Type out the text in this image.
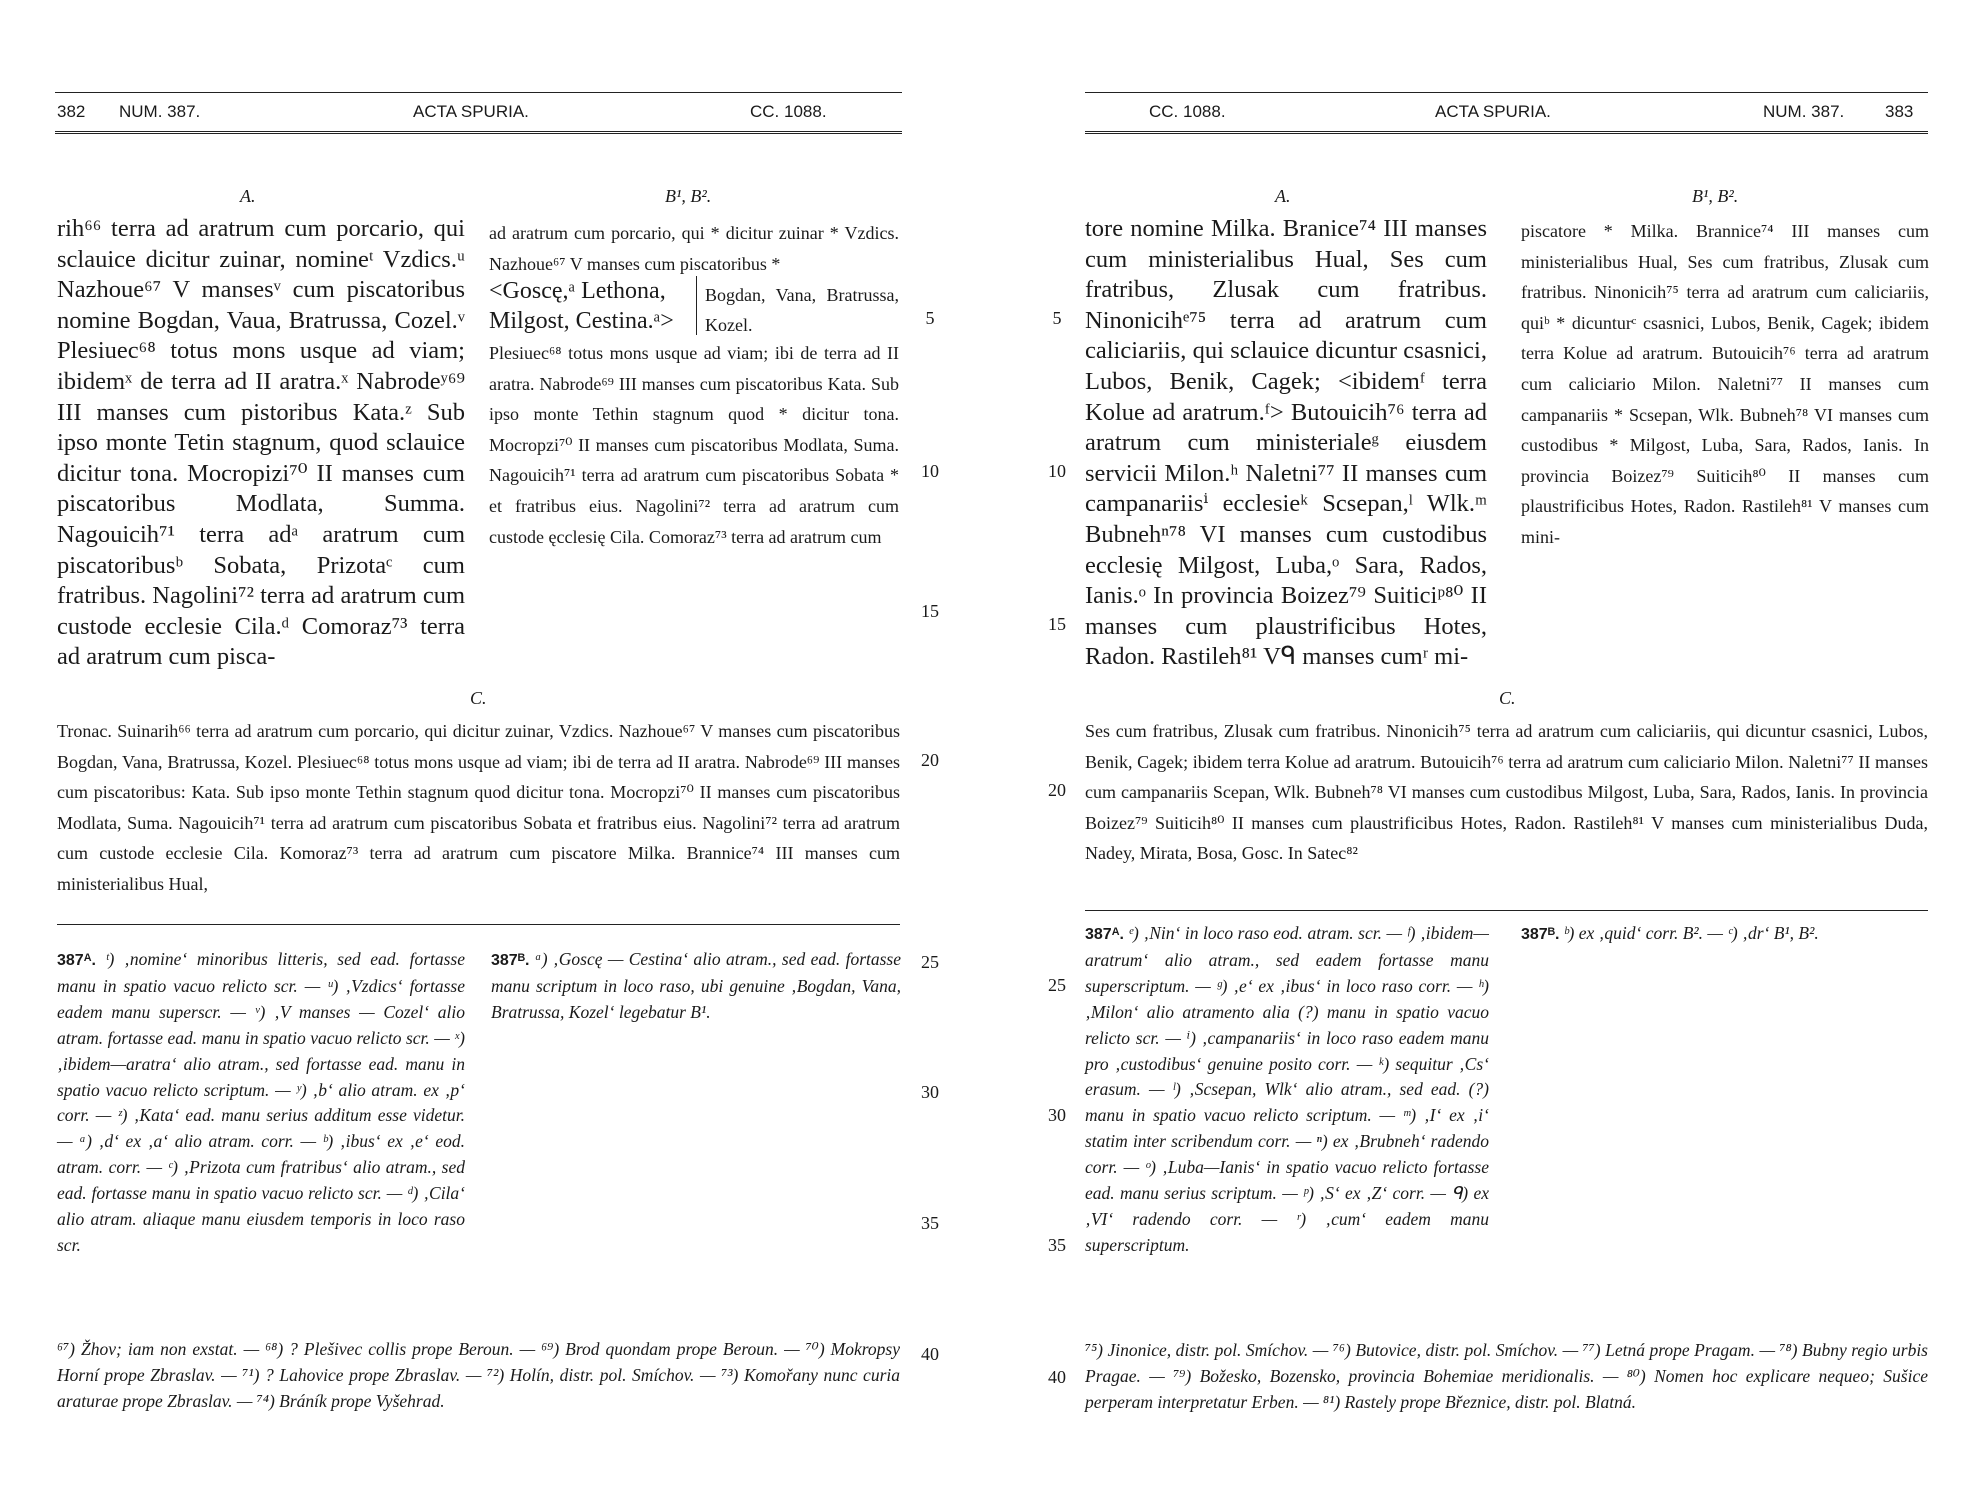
382 NUM. 387.	ACTA SPURIA.	CC. 1088.
A.
rih⁶⁶ terra ad aratrum cum porcario, qui sclauice dicitur zuinar, nomineᵗ Vzdics.ᵘ Nazhoue⁶⁷ V mansesᵛ cum piscatoribus nomine Bogdan, Vaua, Bratrussa, Cozel.ᵛ Plesiuec⁶⁸ totus mons usque ad viam; ibidemˣ de terra ad II aratra.ˣ Nabrodeʸ⁶⁹ III manses cum pistoribus Kata.ᶻ Sub ipso monte Tetin stagnum, quod sclauice dicitur tona. Mocropizi⁷⁰ II manses cum piscatoribus Modlata, Summa. Nagouicih⁷¹ terra adᵃ aratrum cum piscatoribusᵇ Sobata, Prizotaᶜ cum fratribus. Nagolini⁷² terra ad aratrum cum custode ecclesie Cila.ᵈ Comoraz⁷³ terra ad aratrum cum pisca-
B¹, B².
ad aratrum cum porcario, qui * dicitur zuinar * Vzdics. Nazhoue⁶⁷ V manses cum piscatoribus *
<Goscę,ᵃ Lethona, Milgost, Cestina.ᵃ>
Bogdan, Vana, Bratrussa, Kozel.
Plesiuec⁶⁸ totus mons usque ad viam; ibi de terra ad II aratra. Nabrode⁶⁹ III manses cum piscatoribus Kata. Sub ipso monte Tethin stagnum quod * dicitur tona. Mocropzi⁷⁰ II manses cum piscatoribus Modlata, Suma. Nagouicih⁷¹ terra ad aratrum cum piscatoribus Sobata * et fratribus eius. Nagolini⁷² terra ad aratrum cum custode ęcclesię Cila. Comoraz⁷³ terra ad aratrum cum
C.
Tronac. Suinarih⁶⁶ terra ad aratrum cum porcario, qui dicitur zuinar, Vzdics. Nazhoue⁶⁷ V manses cum piscatoribus Bogdan, Vana, Bratrussa, Kozel. Plesiuec⁶⁸ totus mons usque ad viam; ibi de terra ad II aratra. Nabrode⁶⁹ III manses cum piscatoribus: Kata. Sub ipso monte Tethin stagnum quod dicitur tona. Mocropzi⁷⁰ II manses cum piscatoribus Modlata, Suma. Nagouicih⁷¹ terra ad aratrum cum piscatoribus Sobata et fratribus eius. Nagolini⁷² terra ad aratrum cum custode ecclesie Cila. Komoraz⁷³ terra ad aratrum cum piscatore Milka. Brannice⁷⁴ III manses cum ministerialibus Hual,
387ᴬ. ᵗ) ‚nomine‘ minoribus litteris, sed ead. fortasse manu in spatio vacuo relicto scr. — ᵘ) ‚Vzdics‘ fortasse eadem manu superscr. — ᵛ) ‚V manses — Cozel‘ alio atram. fortasse ead. manu in spatio vacuo relicto scr. — ˣ) ‚ibidem—aratra‘ alio atram., sed fortasse ead. manu in spatio vacuo relicto scriptum. — ʸ) ‚b‘ alio atram. ex ‚p‘ corr. — ᶻ) ‚Kata‘ ead. manu serius additum esse videtur. — ᵃ) ‚d‘ ex ‚a‘ alio atram. corr. — ᵇ) ‚ibus‘ ex ‚e‘ eod. atram. corr. — ᶜ) ‚Prizota cum fratribus‘ alio atram., sed ead. fortasse manu in spatio vacuo relicto scr. — ᵈ) ‚Cila‘ alio atram. aliaque manu eiusdem temporis in loco raso scr.
387ᴮ. ᵃ) ‚Goscę — Cestina‘ alio atram., sed ead. fortasse manu scriptum in loco raso, ubi genuine ‚Bogdan, Vana, Bratrussa, Kozel‘ legebatur B¹.
⁶⁷) Žhov; iam non exstat. — ⁶⁸) ? Plešivec collis prope Beroun. — ⁶⁹) Brod quondam prope Beroun. — ⁷⁰) Mokropsy Horní prope Zbraslav. — ⁷¹) ? Lahovice prope Zbraslav. — ⁷²) Holín, distr. pol. Smíchov. — ⁷³) Komořany nunc curia araturae prope Zbraslav. — ⁷⁴) Bráník prope Vyšehrad.
5
10
15
20
25
30
35
40
CC. 1088.	ACTA SPURIA.	NUM. 387. 383
A.
tore nomine Milka. Branice⁷⁴ III manses cum ministerialibus Hual, Ses cum fratribus, Zlusak cum fratribus. Ninonicihᵉ⁷⁵ terra ad aratrum cum caliciariis, qui sclauice dicuntur csasnici, Lubos, Benik, Cagek; <ibidemᶠ terra Kolue ad aratrum.ᶠ> Butouicih⁷⁶ terra ad aratrum cum ministerialeᵍ eiusdem servicii Milon.ʰ Naletni⁷⁷ II manses cum campanariisⁱ ecclesieᵏ Scsepan,ˡ Wlk.ᵐ Bubnehⁿ⁷⁸ VI manses cum custodibus ecclesię Milgost, Luba,ᵒ Sara, Rados, Ianis.ᵒ In provincia Boizez⁷⁹ Suiticiᵖ⁸⁰ II manses cum plaustrificibus Hotes, Radon. Rastileh⁸¹ Vᑫ manses cumʳ mi-
B¹, B².
piscatore * Milka. Brannice⁷⁴ III manses cum ministerialibus Hual, Ses cum fratribus, Zlusak cum fratribus. Ninonicih⁷⁵ terra ad aratrum cum caliciariis, quiᵇ * dicunturᶜ csasnici, Lubos, Benik, Cagek; ibidem terra Kolue ad aratrum. Butouicih⁷⁶ terra ad aratrum cum caliciario Milon. Naletni⁷⁷ II manses cum campanariis * Scsepan, Wlk. Bubneh⁷⁸ VI manses cum custodibus * Milgost, Luba, Sara, Rados, Ianis. In provincia Boizez⁷⁹ Suiticih⁸⁰ II manses cum plaustrificibus Hotes, Radon. Rastileh⁸¹ V manses cum mini-
C.
Ses cum fratribus, Zlusak cum fratribus. Ninonicih⁷⁵ terra ad aratrum cum caliciariis, qui dicuntur csasnici, Lubos, Benik, Cagek; ibidem terra Kolue ad aratrum. Butouicih⁷⁶ terra ad aratrum cum caliciario Milon. Naletni⁷⁷ II manses cum campanariis Scepan, Wlk. Bubneh⁷⁸ VI manses cum custodibus Milgost, Luba, Sara, Rados, Ianis. In provincia Boizez⁷⁹ Suiticih⁸⁰ II manses cum plaustrificibus Hotes, Radon. Rastileh⁸¹ V manses cum ministerialibus Duda, Nadey, Mirata, Bosa, Gosc. In Satec⁸²
387ᴬ. ᵉ) ‚Nin‘ in loco raso eod. atram. scr. — ᶠ) ‚ibidem—aratrum‘ alio atram., sed eadem fortasse manu superscriptum. — ᵍ) ‚e‘ ex ‚ibus‘ in loco raso corr. — ʰ) ‚Milon‘ alio atramento alia (?) manu in spatio vacuo relicto scr. — ⁱ) ‚campanariis‘ in loco raso eadem manu pro ‚custodibus‘ genuine posito corr. — ᵏ) sequitur ‚Cs‘ erasum. — ˡ) ‚Scsepan, Wlk‘ alio atram., sed ead. (?) manu in spatio vacuo relicto scriptum. — ᵐ) ‚I‘ ex ‚i‘ statim inter scribendum corr. — ⁿ) ex ‚Brubneh‘ radendo corr. — ᵒ) ‚Luba—Ianis‘ in spatio vacuo relicto fortasse ead. manu serius scriptum. — ᵖ) ‚S‘ ex ‚Z‘ corr. — ᑫ) ex ‚VI‘ radendo corr. — ʳ) ‚cum‘ eadem manu superscriptum.
387ᴮ. ᵇ) ex ‚quid‘ corr. B². — ᶜ) ‚dr‘ B¹, B².
⁷⁵) Jinonice, distr. pol. Smíchov. — ⁷⁶) Butovice, distr. pol. Smíchov. — ⁷⁷) Letná prope Pragam. — ⁷⁸) Bubny regio urbis Pragae. — ⁷⁹) Božesko, Bozensko, provincia Bohemiae meridionalis. — ⁸⁰) Nomen hoc explicare nequeo; Sušice perperam interpretatur Erben. — ⁸¹) Rastely prope Březnice, distr. pol. Blatná.
5
10
15
20
25
30
35
40
